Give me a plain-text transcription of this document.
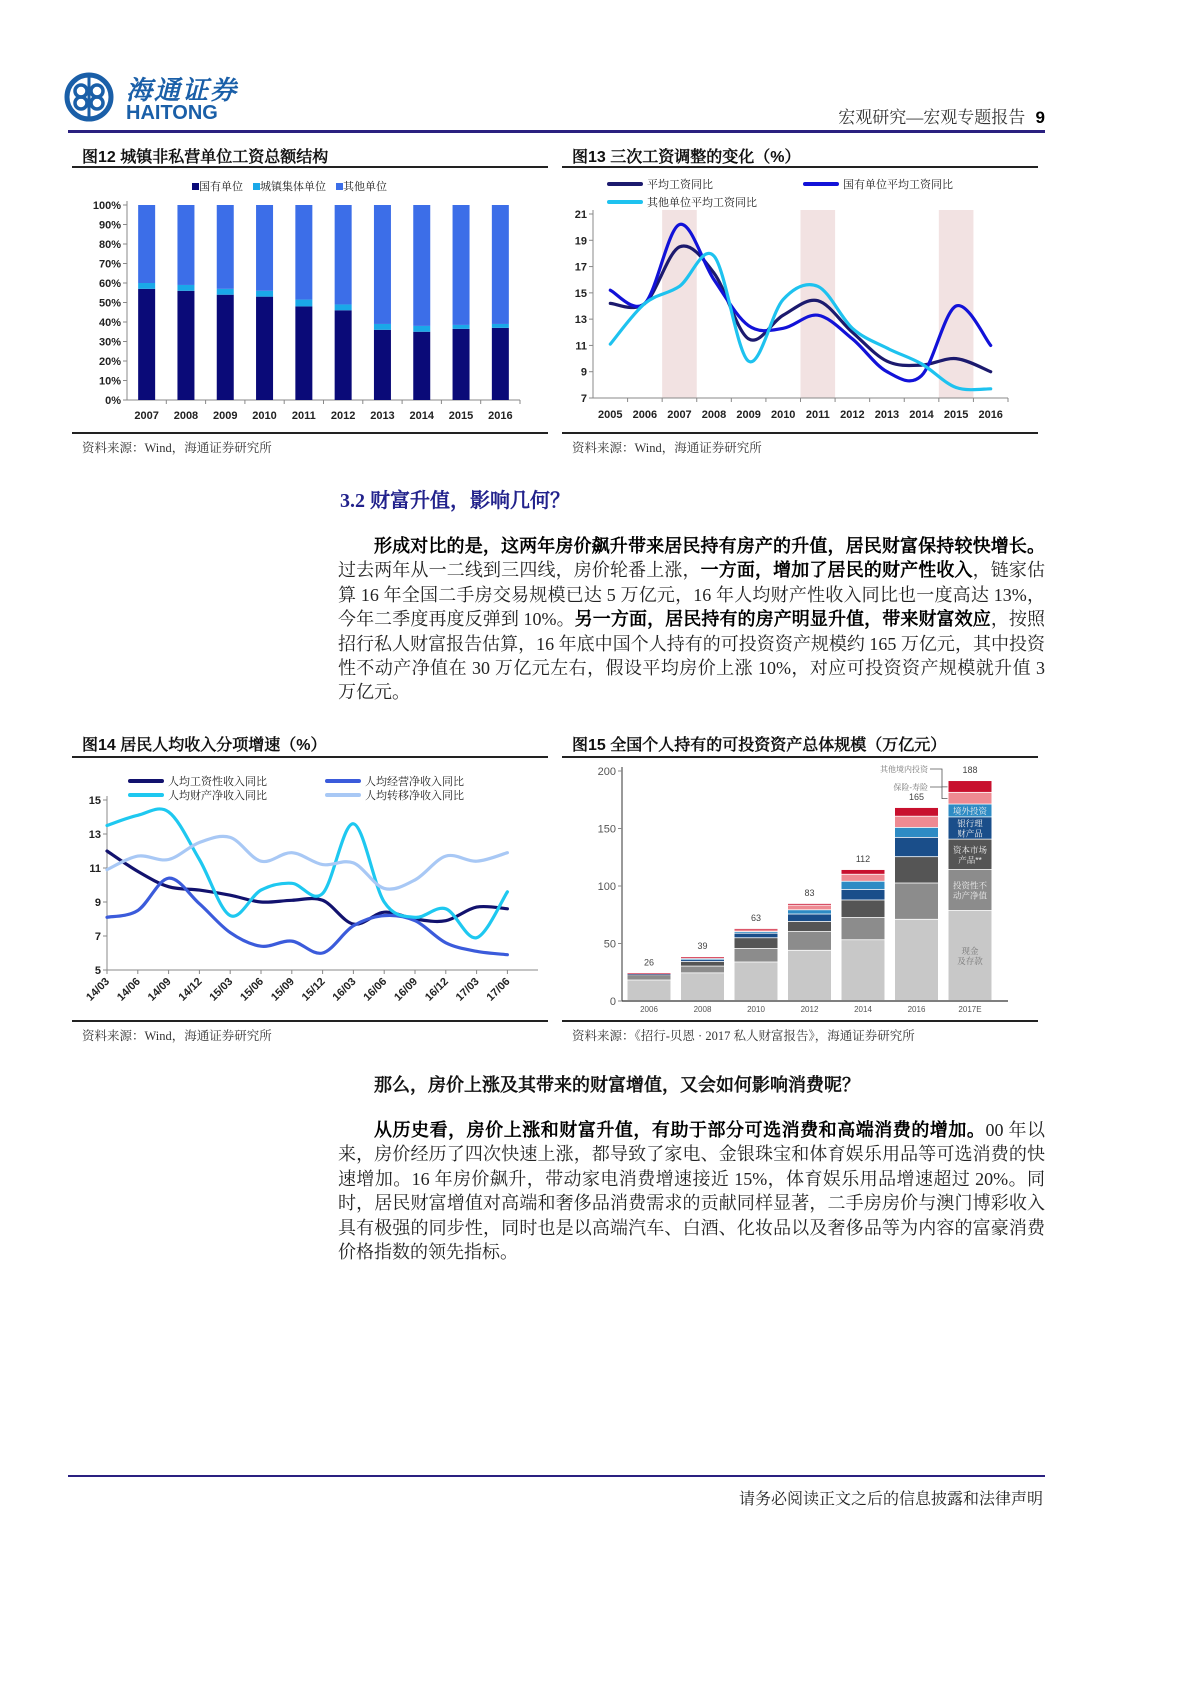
海通证券
HAITONG	宏观研究—宏观专题报告 9
图12 城镇非私营单位工资总额结构
国有单位	城镇集体单位	其他单位
0%
10%
20%
30%
40%
50%
60%
70%
80%
90%
100%
2007 2008 2009 2010 2011 2012 2013 2014 2015 2016
资料来源：Wind，海通证券研究所
图13 三次工资调整的变化（%）
平均工资同比	国有单位平均工资同比
其他单位平均工资同比
7
9
11
13
15
17
19
21
2005 2006 2007 2008 2009 2010 2011 2012 2013 2014 2015 2016
资料来源：Wind，海通证券研究所
3.2 财富升值，影响几何？
形成对比的是，这两年房价飙升带来居民持有房产的升值，居民财富保持较快增长。过去两年从一二线到三四线，房价轮番上涨，一方面，增加了居民的财产性收入，链家估算 16 年全国二手房交易规模已达 5 万亿元，16 年人均财产性收入同比也一度高达 13%，今年二季度再度反弹到 10%。另一方面，居民持有的房产明显升值，带来财富效应，按照招行私人财富报告估算，16 年底中国个人持有的可投资资产规模约 165 万亿元，其中投资性不动产净值在 30 万亿元左右，假设平均房价上涨 10%，对应可投资资产规模就升值 3 万亿元。
图14 居民人均收入分项增速（%）
人均工资性收入同比	人均经营净收入同比
人均财产净收入同比	人均转移净收入同比
5
7
9
11
13
15
14/03 14/06 14/09 14/12 15/03 15/06 15/09 15/12 16/03 16/06 16/09 16/12 17/03 17/06
资料来源：Wind，海通证券研究所
图15 全国个人持有的可投资资产总体规模（万亿元）
0
50
100
150
200
26
2006
39
2008
63
2010
83
2012
112
2014
165
2016
188
2017E
现金及存款
投资性不动产净值
资本市场产品**
银行理财产品
境外投资
保险-寿险
其他境内投资
资料来源：《招行-贝恩 · 2017 私人财富报告》，海通证券研究所
那么，房价上涨及其带来的财富增值，又会如何影响消费呢？
从历史看，房价上涨和财富升值，有助于部分可选消费和高端消费的增加。00 年以来，房价经历了四次快速上涨，都导致了家电、金银珠宝和体育娱乐用品等可选消费的快速增加。16 年房价飙升，带动家电消费增速接近 15%，体育娱乐用品增速超过 20%。同时，居民财富增值对高端和奢侈品消费需求的贡献同样显著，二手房房价与澳门博彩收入具有极强的同步性，同时也是以高端汽车、白酒、化妆品以及奢侈品等为内容的富豪消费价格指数的领先指标。
请务必阅读正文之后的信息披露和法律声明
